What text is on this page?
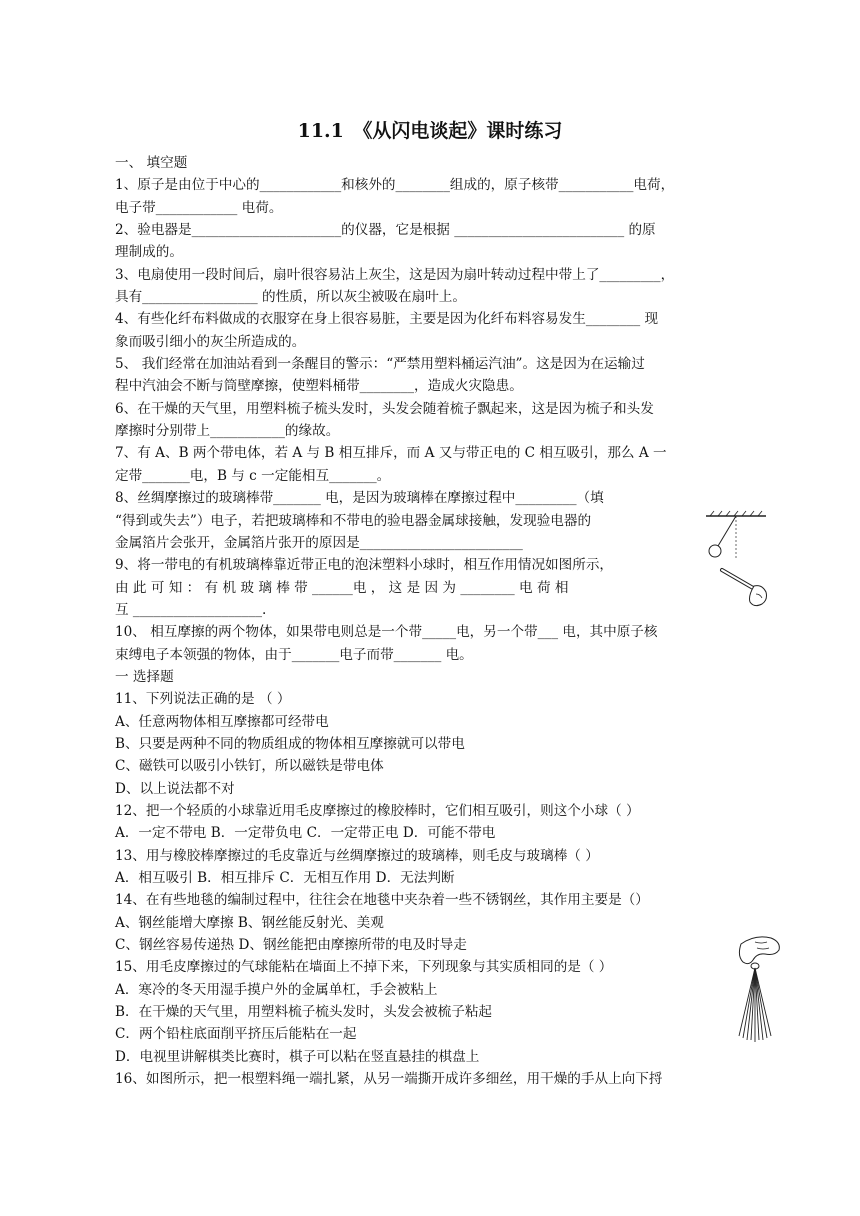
11.1　《从闪电谈起》课时练习
一、 填空题
1、原子是由位于中心的____________和核外的________组成的，原子核带___________电荷，
电子带____________ 电荷。
2、验电器是______________________的仪器，它是根据 _________________________ 的原
理制成的。
3、电扇使用一段时间后，扇叶很容易沾上灰尘，这是因为扇叶转动过程中带上了_________，
具有_________________ 的性质，所以灰尘被吸在扇叶上。
4、有些化纤布料做成的衣服穿在身上很容易脏，主要是因为化纤布料容易发生________ 现
象而吸引细小的灰尘所造成的。
5、 我们经常在加油站看到一条醒目的警示：“严禁用塑料桶运汽油”。这是因为在运输过
程中汽油会不断与筒壁摩擦，使塑料桶带________，造成火灾隐患。
6、在干燥的天气里，用塑料梳子梳头发时，头发会随着梳子飘起来，这是因为梳子和头发
摩擦时分别带上___________的缘故。
7、有 A、B 两个带电体，若 A 与 B 相互排斥，而 A 又与带正电的 C 相互吸引，那么 A 一
定带_______电，B 与 c 一定能相互_______。
8、丝绸摩擦过的玻璃棒带_______ 电，是因为玻璃棒在摩擦过程中_________（填
“得到或失去”）电子，若把玻璃棒和不带电的验电器金属球接触，发现验电器的
金属箔片会张开，金属箔片张开的原因是________________________
9、将一带电的有机玻璃棒靠近带正电的泡沫塑料小球时，相互作用情况如图所示，
由 此 可 知 ： 有 机 玻 璃 棒 带 ______电 ， 这 是 因 为 ________ 电 荷 相
互 ___________________.
10、 相互摩擦的两个物体，如果带电则总是一个带_____电，另一个带___ 电，其中原子核
束缚电子本领强的物体，由于_______电子而带_______ 电。
一 选择题
11、下列说法正确的是 （ ）
A、任意两物体相互摩擦都可经带电
B、只要是两种不同的物质组成的物体相互摩擦就可以带电
C、磁铁可以吸引小铁钉，所以磁铁是带电体
D、以上说法都不对
12、把一个轻质的小球靠近用毛皮摩擦过的橡胶棒时，它们相互吸引，则这个小球（ ）
A．一定不带电 B．一定带负电 C．一定带正电 D．可能不带电
13、用与橡胶棒摩擦过的毛皮靠近与丝绸摩擦过的玻璃棒，则毛皮与玻璃棒（ ）
A．相互吸引 B．相互排斥 C．无相互作用 D．无法判断
14、在有些地毯的编制过程中，往往会在地毯中夹杂着一些不锈钢丝，其作用主要是（）
A、钢丝能增大摩擦 B、钢丝能反射光、美观
C、钢丝容易传递热 D、钢丝能把由摩擦所带的电及时导走
15、用毛皮摩擦过的气球能粘在墙面上不掉下来，下列现象与其实质相同的是（ ）
A．寒冷的冬天用湿手摸户外的金属单杠，手会被粘上
B．在干燥的天气里，用塑料梳子梳头发时，头发会被梳子粘起
C．两个铅柱底面削平挤压后能粘在一起
D．电视里讲解棋类比赛时，棋子可以粘在竖直悬挂的棋盘上
16、如图所示，把一根塑料绳一端扎紧，从另一端撕开成许多细丝，用干燥的手从上向下捋
